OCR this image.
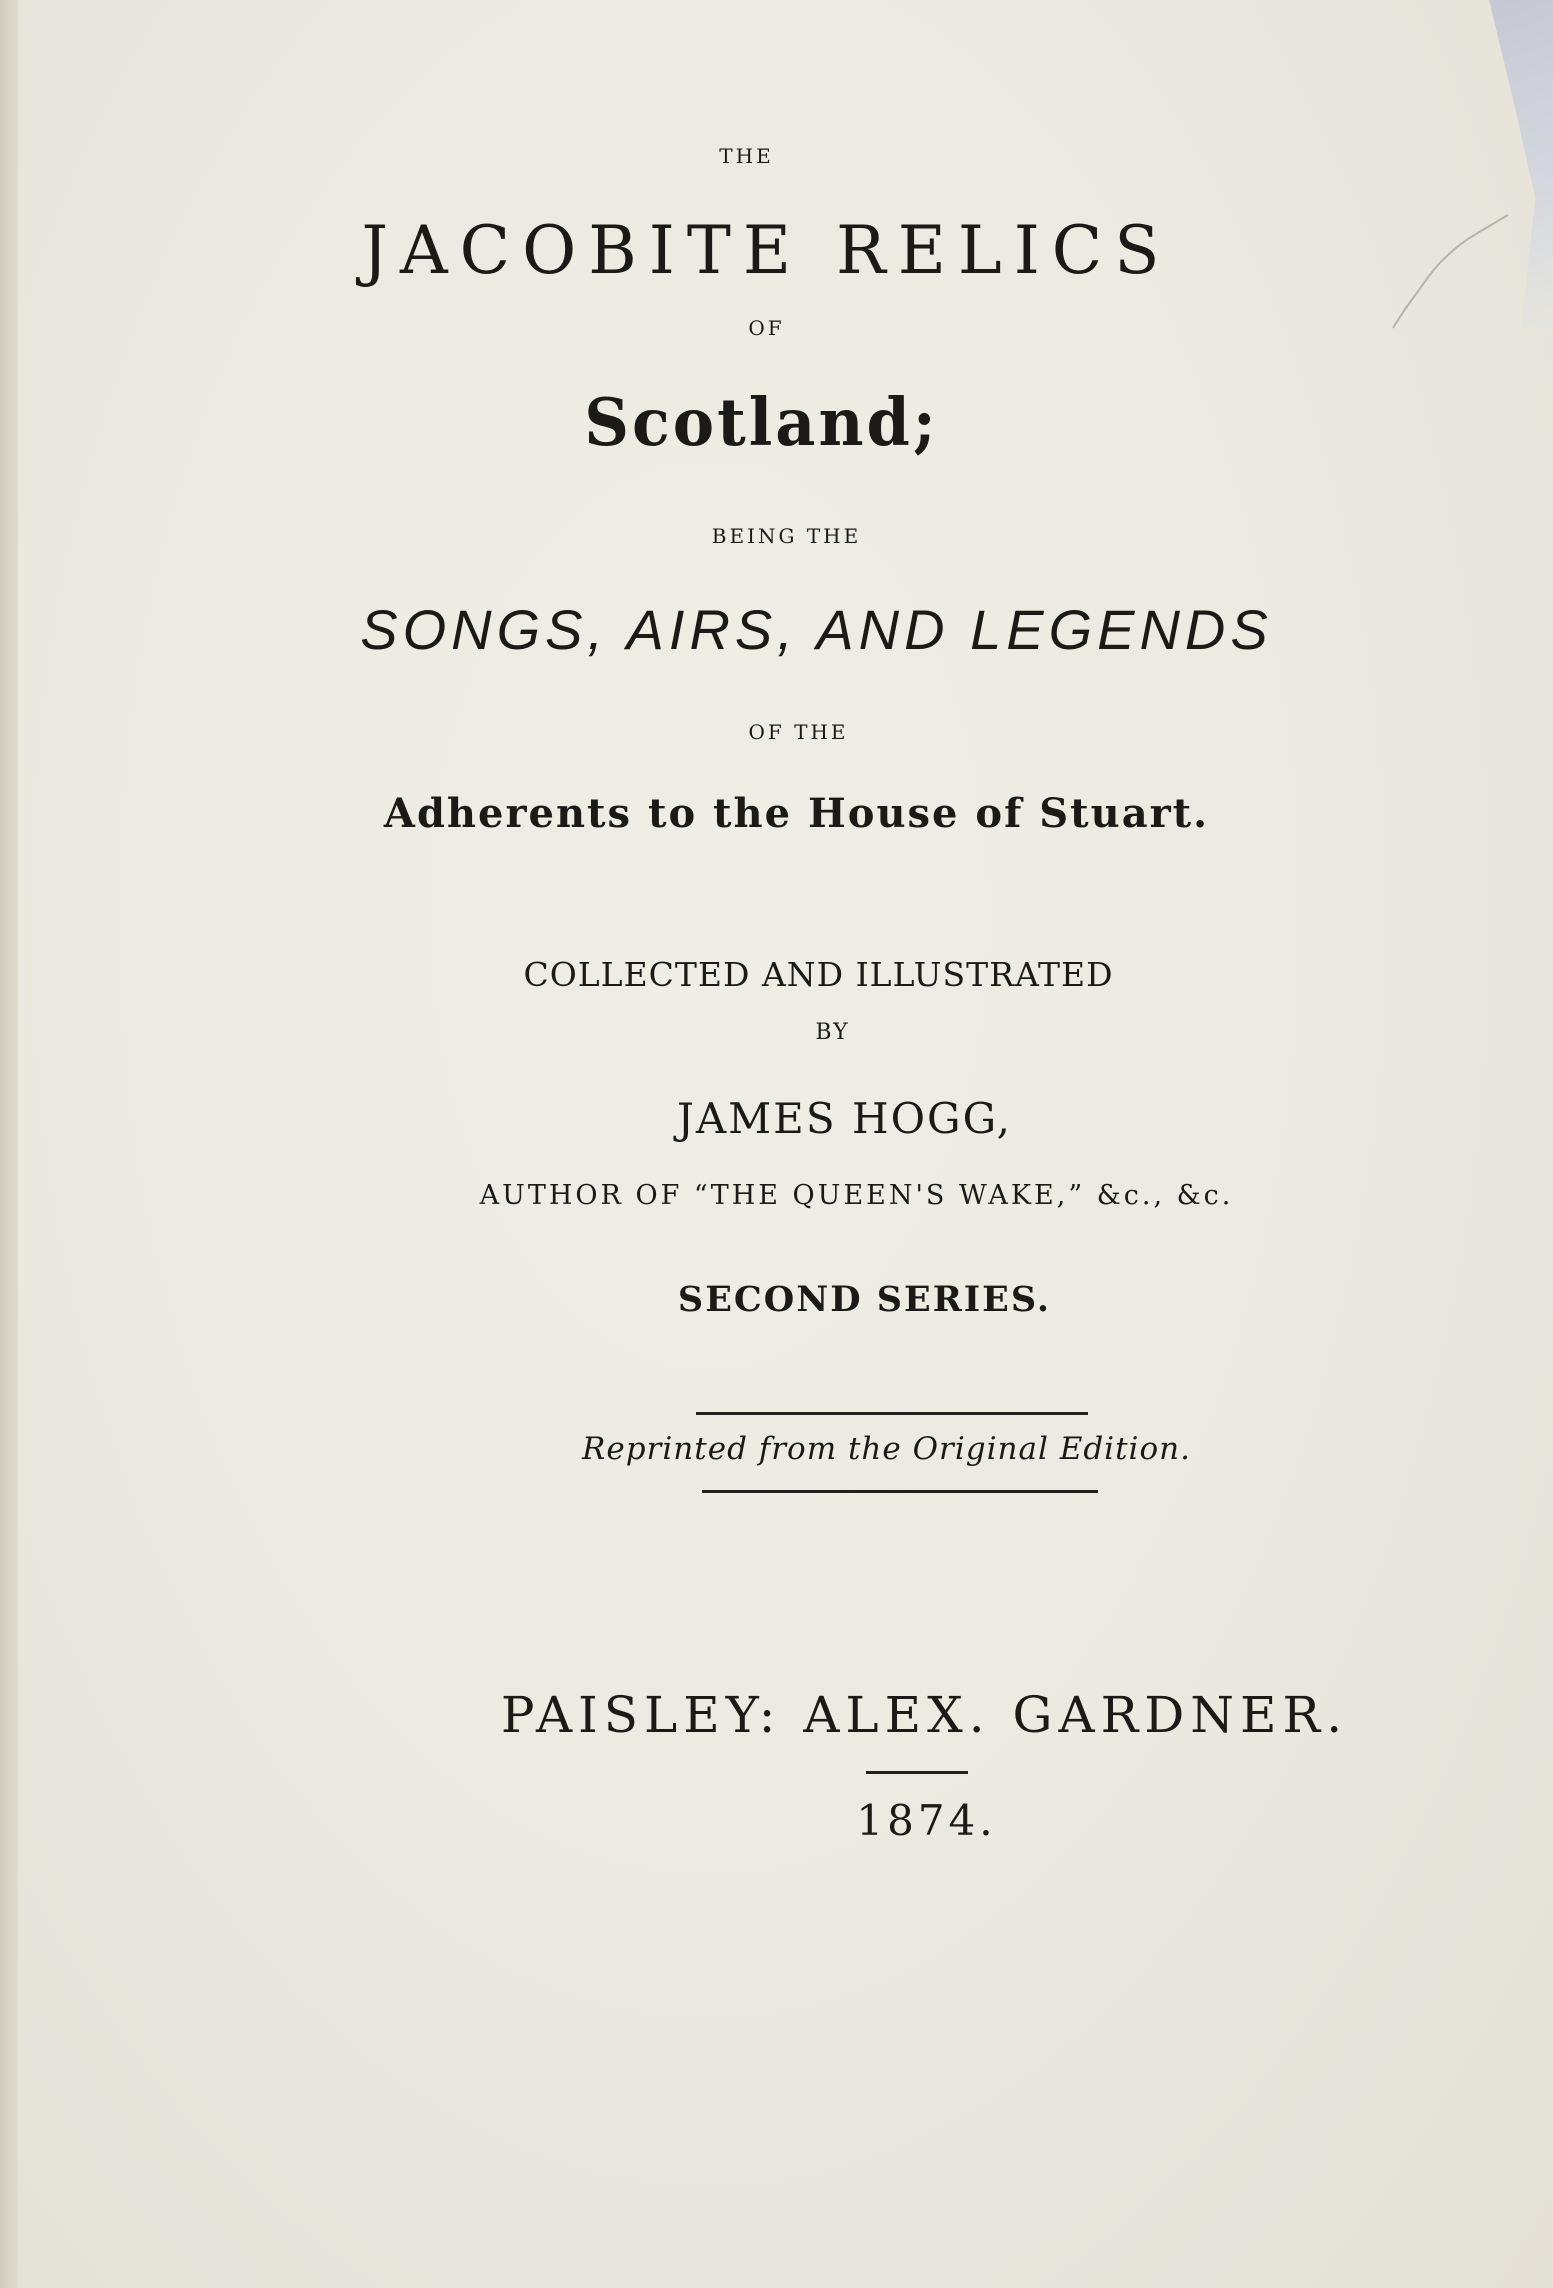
THE
JACOBITE RELICS
OF
Scotland;
BEING THE
SONGS, AIRS, AND LEGENDS
OF THE
Adherents to the House of Stuart.
COLLECTED AND ILLUSTRATED
BY
JAMES HOGG,
AUTHOR OF “THE QUEEN'S WAKE,” &c., &c.
SECOND SERIES.
Reprinted from the Original Edition.
PAISLEY: ALEX. GARDNER.
1874.
